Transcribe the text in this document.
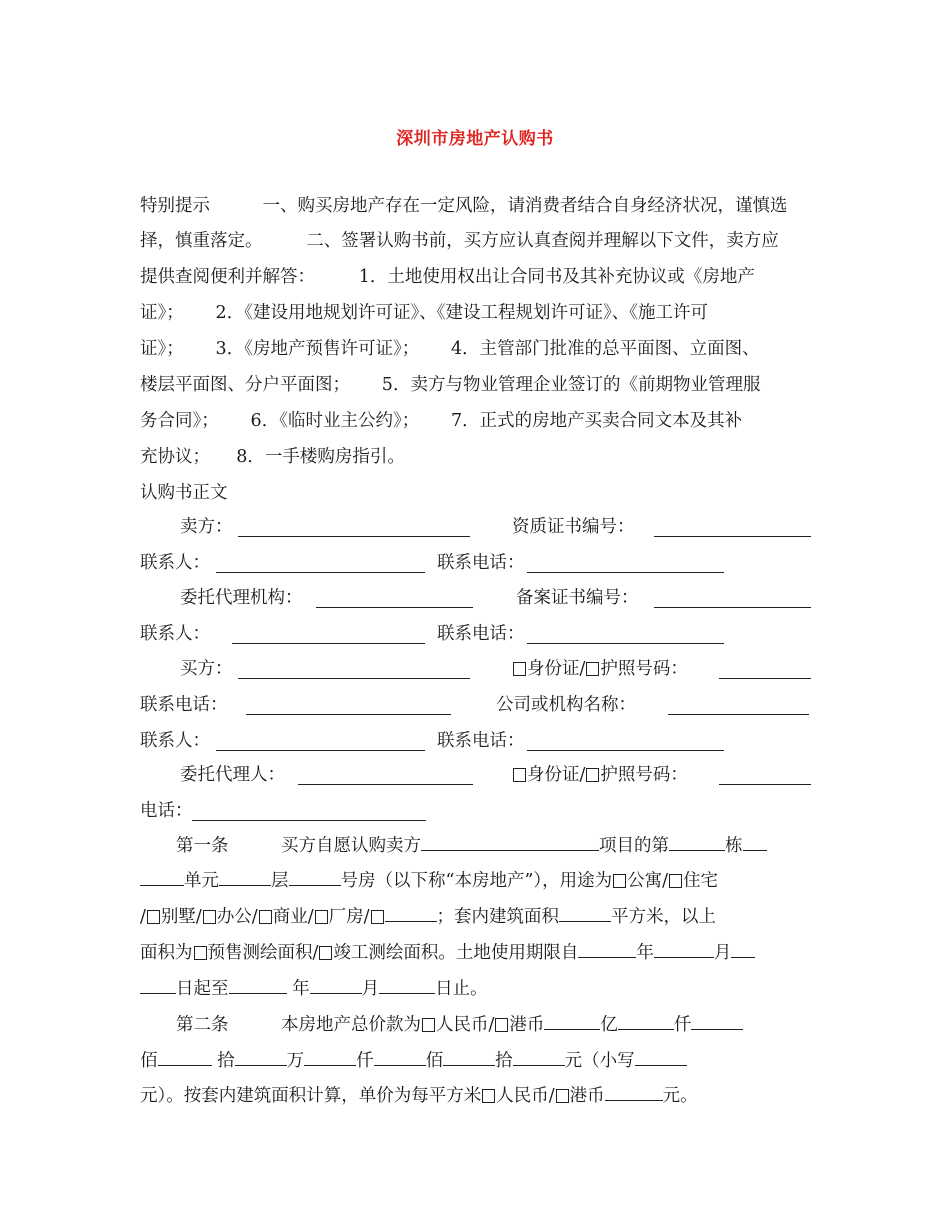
深圳市房地产认购书
特别提示　　　一、购买房地产存在一定风险，请消费者结合自身经济状况，谨慎选
择，慎重落定。　　　二、签署认购书前，买方应认真查阅并理解以下文件，卖方应
提供查阅便利并解答：　　　1．土地使用权出让合同书及其补充协议或《房地产
证》；　　 2．《建设用地规划许可证》、《建设工程规划许可证》、《施工许可
证》；　　 3．《房地产预售许可证》；　　 4．主管部门批准的总平面图、立面图、
楼层平面图、分户平面图；　　 5．卖方与物业管理企业签订的《前期物业管理服
务合同》；　　 6．《临时业主公约》；　　 7．正式的房地产买卖合同文本及其补
充协议；　　8．一手楼购房指引。
认购书正文
卖方：	资质证书编号：
联系人：	联系电话：
委托代理机构：	备案证书编号：
联系人：	联系电话：
买方：	身份证/ 护照号码：
联系电话：	公司或机构名称：
联系人：	联系电话：
委托代理人：	身份证/ 护照号码：
电话：
第一条　　　买方自愿认购卖方	项目的第	栋
单元	层	号房（以下称“本房地产”），用途为 公寓/ 住宅
/ 别墅/ 办公/ 商业/ 厂房/	；套内建筑面积	平方米，以上
面积为 预售测绘面积/ 竣工测绘面积。土地使用期限自	年	月
日起至	年	月	日止。
第二条　　　本房地产总价款为 人民币/ 港币	亿	仟
佰	拾	万	仟	佰	拾	元（小写
元）。按套内建筑面积计算，单价为每平方米 人民币/ 港币	元。
